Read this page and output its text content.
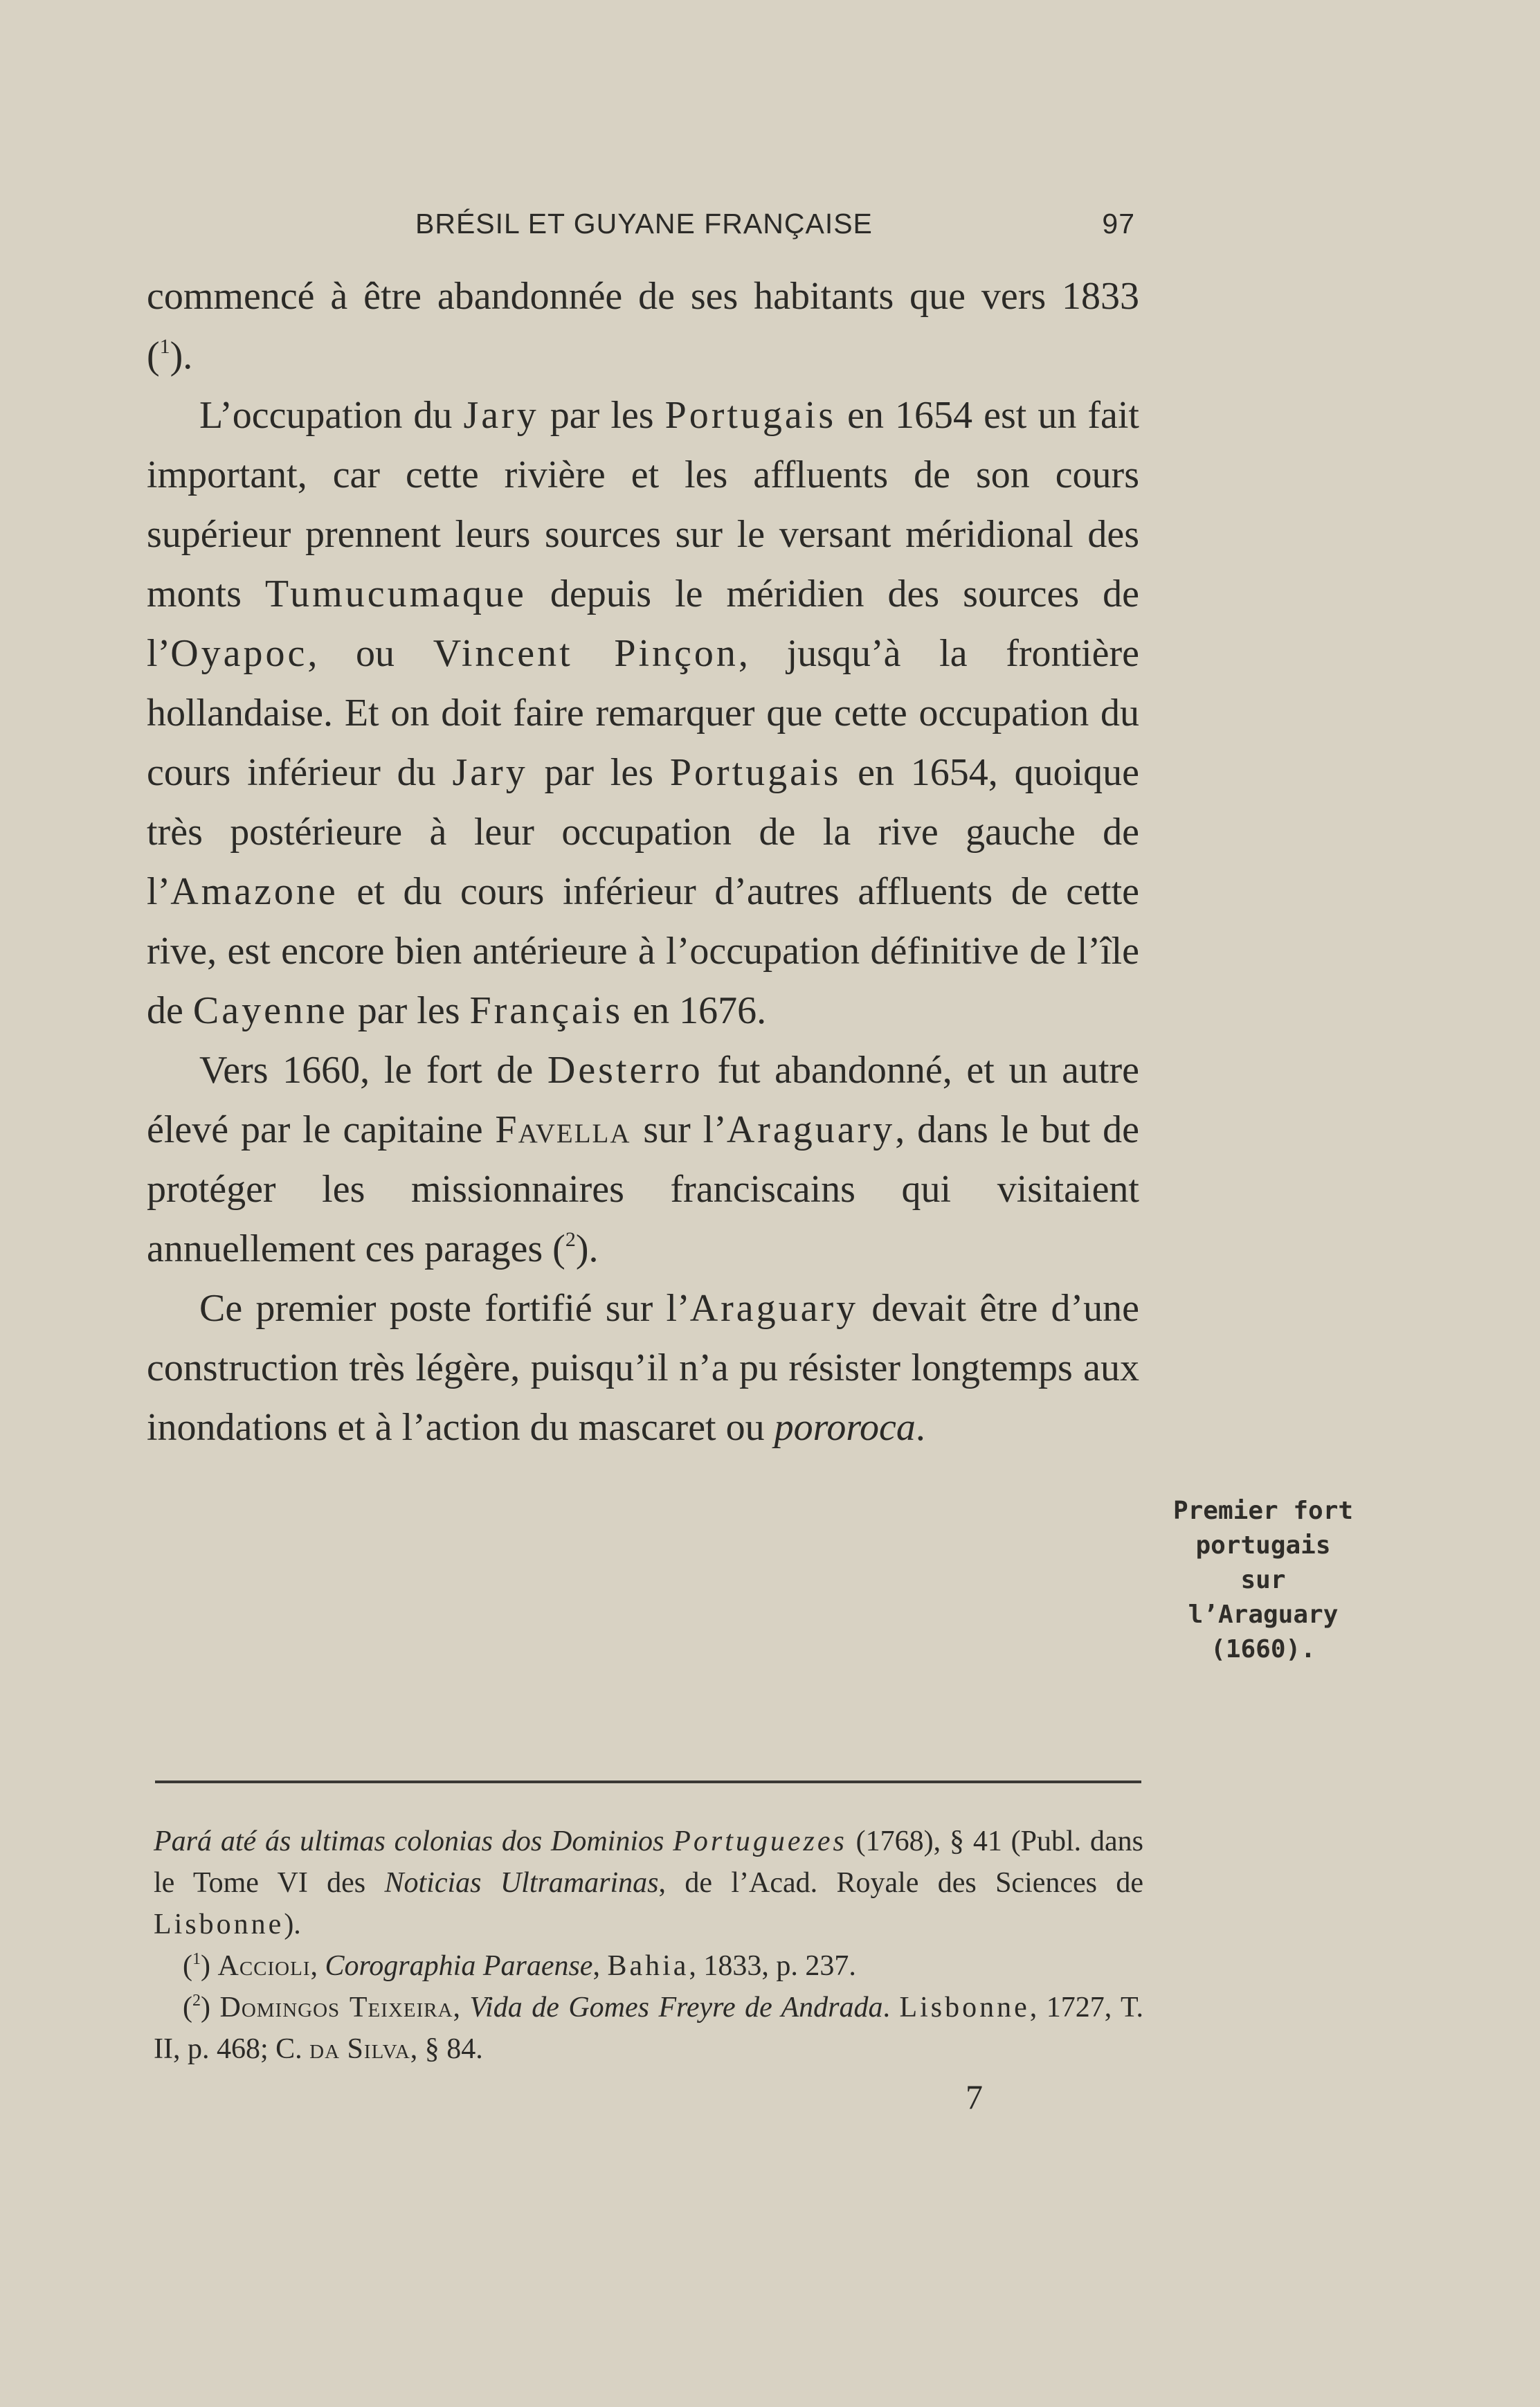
BRÉSIL ET GUYANE FRANÇAISE	97

commencé à être abandonnée de ses habitants que vers 1833 ($^1$).

L’occupation du Jary par les Portugais en 1654 est un fait important, car cette rivière et les affluents de son cours supérieur prennent leurs sources sur le versant méridional des monts Tumucumaque depuis le méridien des sources de l’Oyapoc, ou Vincent Pinçon, jusqu’à la frontière hollandaise. Et on doit faire remarquer que cette occupation du cours inférieur du Jary par les Portugais en 1654, quoique très postérieure à leur occupation de la rive gauche de l’Amazone et du cours inférieur d’autres affluents de cette rive, est encore bien antérieure à l’occupation définitive de l’île de Cayenne par les Français en 1676.

Vers 1660, le fort de Desterro fut abandonné, et un autre élevé par le capitaine Favella sur l’Araguary, dans le but de protéger les missionnaires franciscains qui visitaient annuellement ces parages ($^2$).

Ce premier poste fortifié sur l’Araguary devait être d’une construction très légère, puisqu’il n’a pu résister longtemps aux inondations et à l’action du mascaret ou pororoca.

Premier fort
portugais
sur
l’Araguary
(1660).

Pará até ás ultimas colonias dos Dominios Portuguezes (1768), § 41 (Publ. dans le Tome VI des Noticias Ultramarinas, de l’Acad. Royale des Sciences de Lisbonne).

($^1$) Accioli, Corographia Paraense, Bahia, 1833, p. 237.

($^2$) Domingos Teixeira, Vida de Gomes Freyre de Andrada. Lisbonne, 1727, T. II, p. 468; C. da Silva, § 84.

7
